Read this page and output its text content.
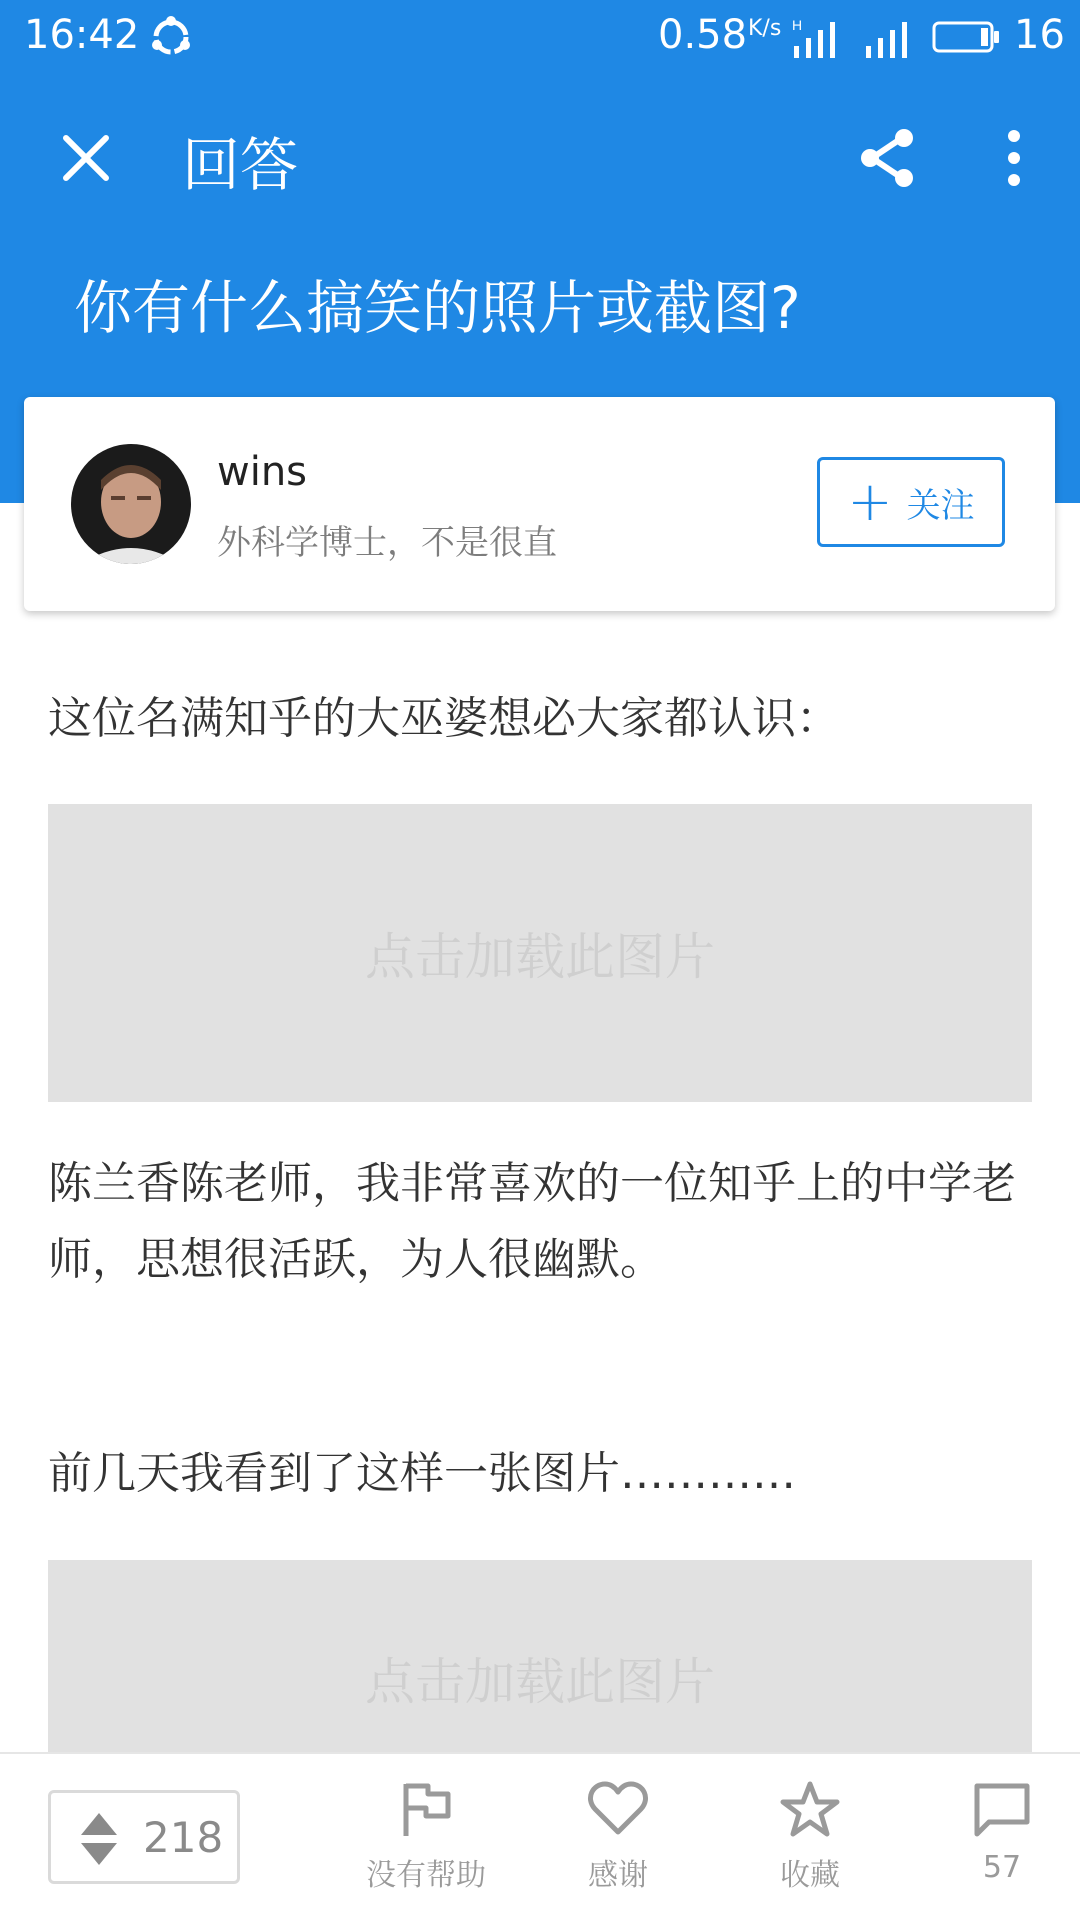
16:42	0.58 K/s H	16
回答
你有什么搞笑的照片或截图?
wins
外科学博士，不是很直
+ 关注
这位名满知乎的大巫婆想必大家都认识：
点击加载此图片
陈兰香陈老师，我非常喜欢的一位知乎上的中学老师，思想很活跃，为人很幽默。
前几天我看到了这样一张图片…………
点击加载此图片
218
没有帮助	感谢	收藏	57
